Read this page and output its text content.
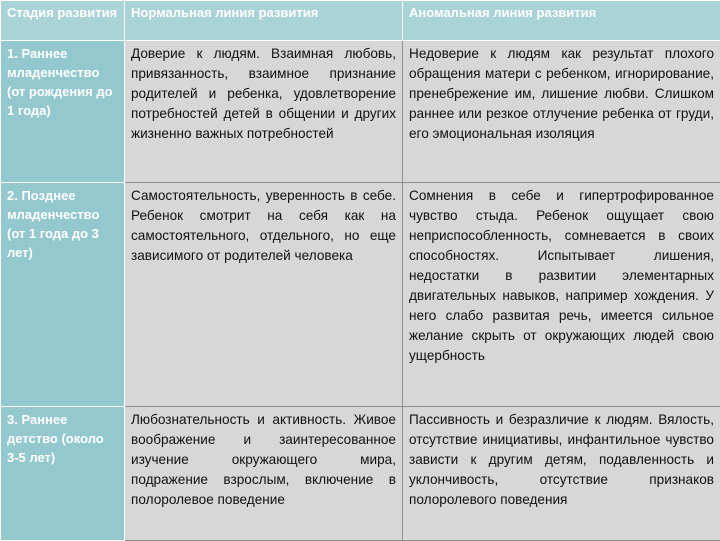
Стадия развития	Нормальная линия развития	Аномальная линия развития
1. Раннее младенчество (от рождения до 1 года)	Доверие к людям. Взаимная любовь, привязанность, взаимное признание родителей и ребенка, удовлетворение потребностей детей в общении и других жизненно важных потребностей	Недоверие к людям как результат плохого обращения матери с ребенком, игнорирование, пренебрежение им, лишение любви. Слишком раннее или резкое отлучение ребенка от груди, его эмоциональная изоляция
2. Позднее младенчество (от 1 года до 3 лет)	Самостоятельность, уверенность в себе. Ребенок смотрит на себя как на самостоятельного, отдельного, но еще зависимого от родителей человека	Сомнения в себе и гипертрофированное чувство стыда. Ребенок ощущает свою неприспособленность, сомневается в своих способностях. Испытывает лишения, недостатки в развитии элементарных двигательных навыков, например хождения. У него слабо развитая речь, имеется сильное желание скрыть от окружающих людей свою ущербность
3. Раннее детство (около 3-5 лет)	Любознательность и активность. Живое воображение и заинтересованное изучение окружающего мира, подражение взрослым, включение в полоролевое поведение	Пассивность и безразличие к людям. Вялость, отсутствие инициативы, инфантильное чувство зависти к другим детям, подавленность и уклончивость, отсутствие признаков полоролевого поведения
